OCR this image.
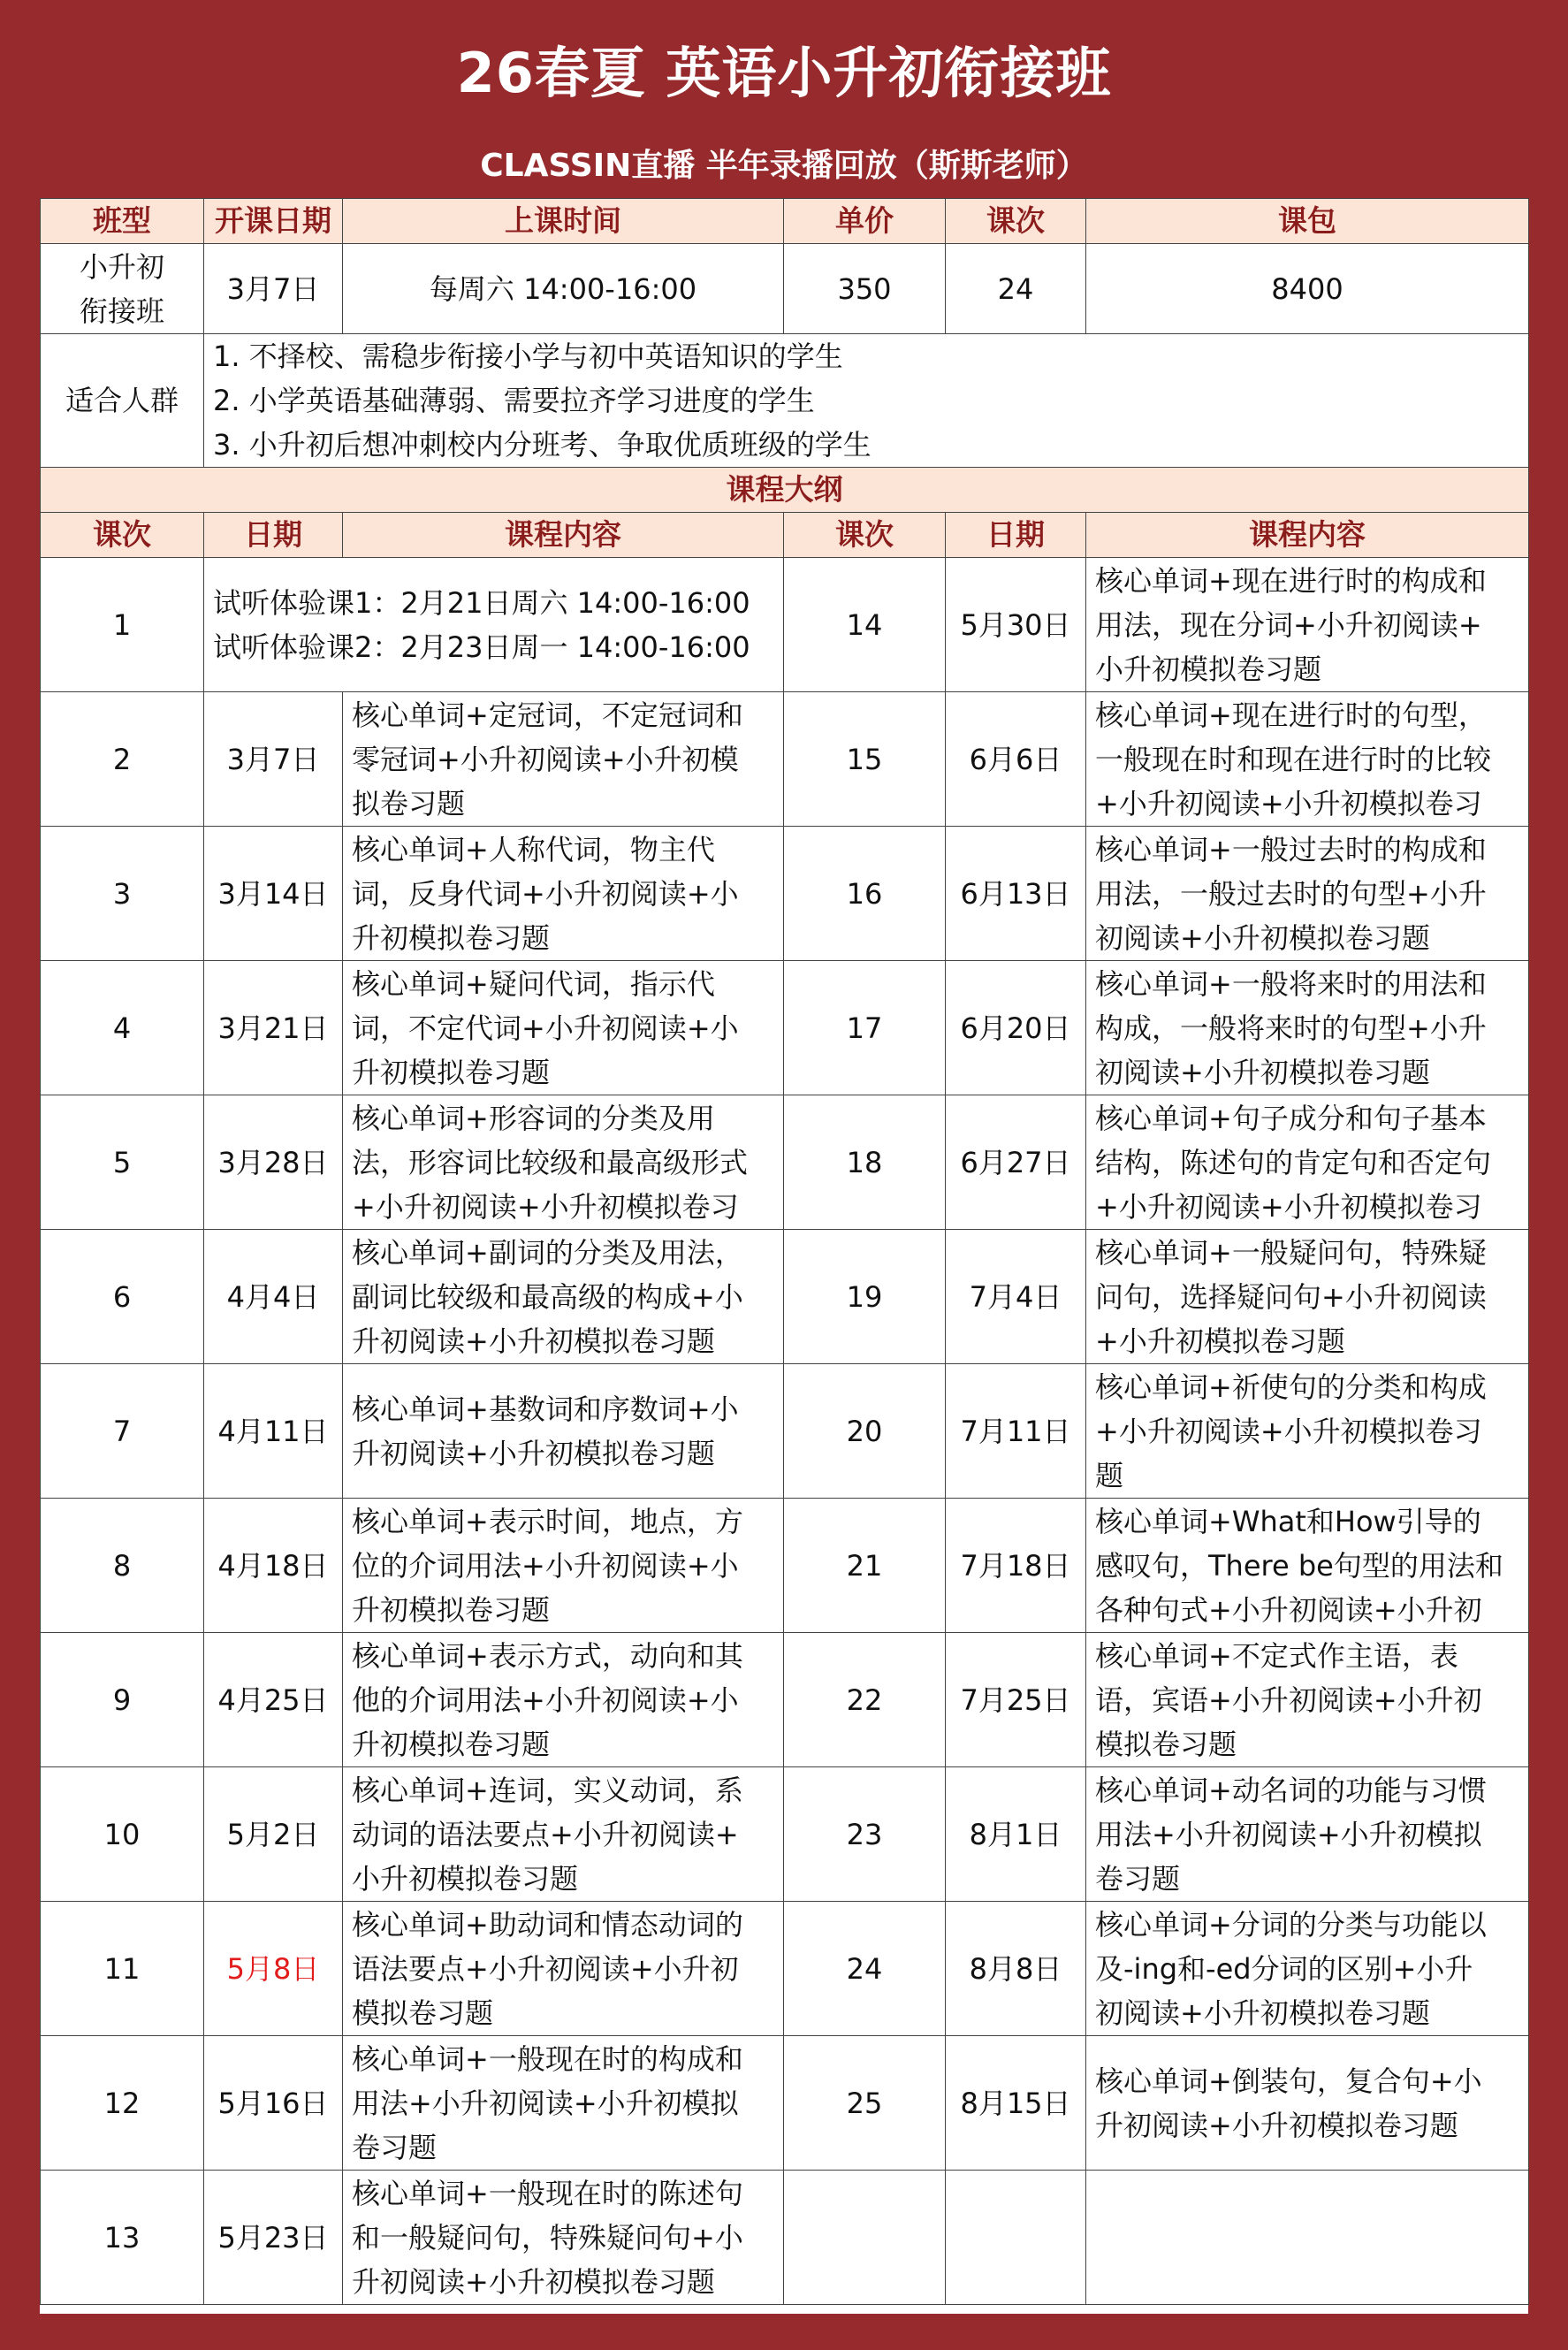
26春夏 英语小升初衔接班
CLASSIN直播 半年录播回放（斯斯老师）
班型	开课日期	上课时间	单价	课次	课包

小升初
衔接班	3月7日	每周六 14:00-16:00	350	24	8400
适合人群	1. 不择校、需稳步衔接小学与初中英语知识的学生
2. 小学英语基础薄弱、需要拉齐学习进度的学生
3. 小升初后想冲刺校内分班考、争取优质班级的学生				

课程大纲					
课次	日期	课程内容	课次	日期	课程内容
1	试听体验课1：2月21日周六 14:00-16:00
试听体验课2：2月23日周一 14:00-16:00		14	5月30日	核心单词+现在进行时的构成和
用法，现在分词+小升初阅读+
小升初模拟卷习题

2	3月7日	核心单词+定冠词，不定冠词和
零冠词+小升初阅读+小升初模
拟卷习题	15	6月6日	核心单词+现在进行时的句型，
一般现在时和现在进行时的比较
+小升初阅读+小升初模拟卷习

3	3月14日	核心单词+人称代词，物主代
词，反身代词+小升初阅读+小
升初模拟卷习题	16	6月13日	核心单词+一般过去时的构成和
用法，一般过去时的句型+小升
初阅读+小升初模拟卷习题

4	3月21日	核心单词+疑问代词，指示代
词，不定代词+小升初阅读+小
升初模拟卷习题	17	6月20日	核心单词+一般将来时的用法和
构成，一般将来时的句型+小升
初阅读+小升初模拟卷习题

5	3月28日	核心单词+形容词的分类及用
法，形容词比较级和最高级形式
+小升初阅读+小升初模拟卷习	18	6月27日	核心单词+句子成分和句子基本
结构，陈述句的肯定句和否定句
+小升初阅读+小升初模拟卷习

6	4月4日	核心单词+副词的分类及用法，
副词比较级和最高级的构成+小
升初阅读+小升初模拟卷习题	19	7月4日	核心单词+一般疑问句，特殊疑
问句，选择疑问句+小升初阅读
+小升初模拟卷习题

7	4月11日	核心单词+基数词和序数词+小
升初阅读+小升初模拟卷习题	20	7月11日	核心单词+祈使句的分类和构成
+小升初阅读+小升初模拟卷习
题

8	4月18日	核心单词+表示时间，地点，方
位的介词用法+小升初阅读+小
升初模拟卷习题	21	7月18日	核心单词+What和How引导的
感叹句，There be句型的用法和
各种句式+小升初阅读+小升初

9	4月25日	核心单词+表示方式，动向和其
他的介词用法+小升初阅读+小
升初模拟卷习题	22	7月25日	核心单词+不定式作主语，表
语，宾语+小升初阅读+小升初
模拟卷习题

10	5月2日	核心单词+连词，实义动词，系
动词的语法要点+小升初阅读+
小升初模拟卷习题	23	8月1日	核心单词+动名词的功能与习惯
用法+小升初阅读+小升初模拟
卷习题

11	5月8日	核心单词+助动词和情态动词的
语法要点+小升初阅读+小升初
模拟卷习题	24	8月8日	核心单词+分词的分类与功能以
及-ing和-ed分词的区别+小升
初阅读+小升初模拟卷习题

12	5月16日	核心单词+一般现在时的构成和
用法+小升初阅读+小升初模拟
卷习题	25	8月15日	核心单词+倒装句，复合句+小
升初阅读+小升初模拟卷习题

13	5月23日	核心单词+一般现在时的陈述句
和一般疑问句，特殊疑问句+小
升初阅读+小升初模拟卷习题			
